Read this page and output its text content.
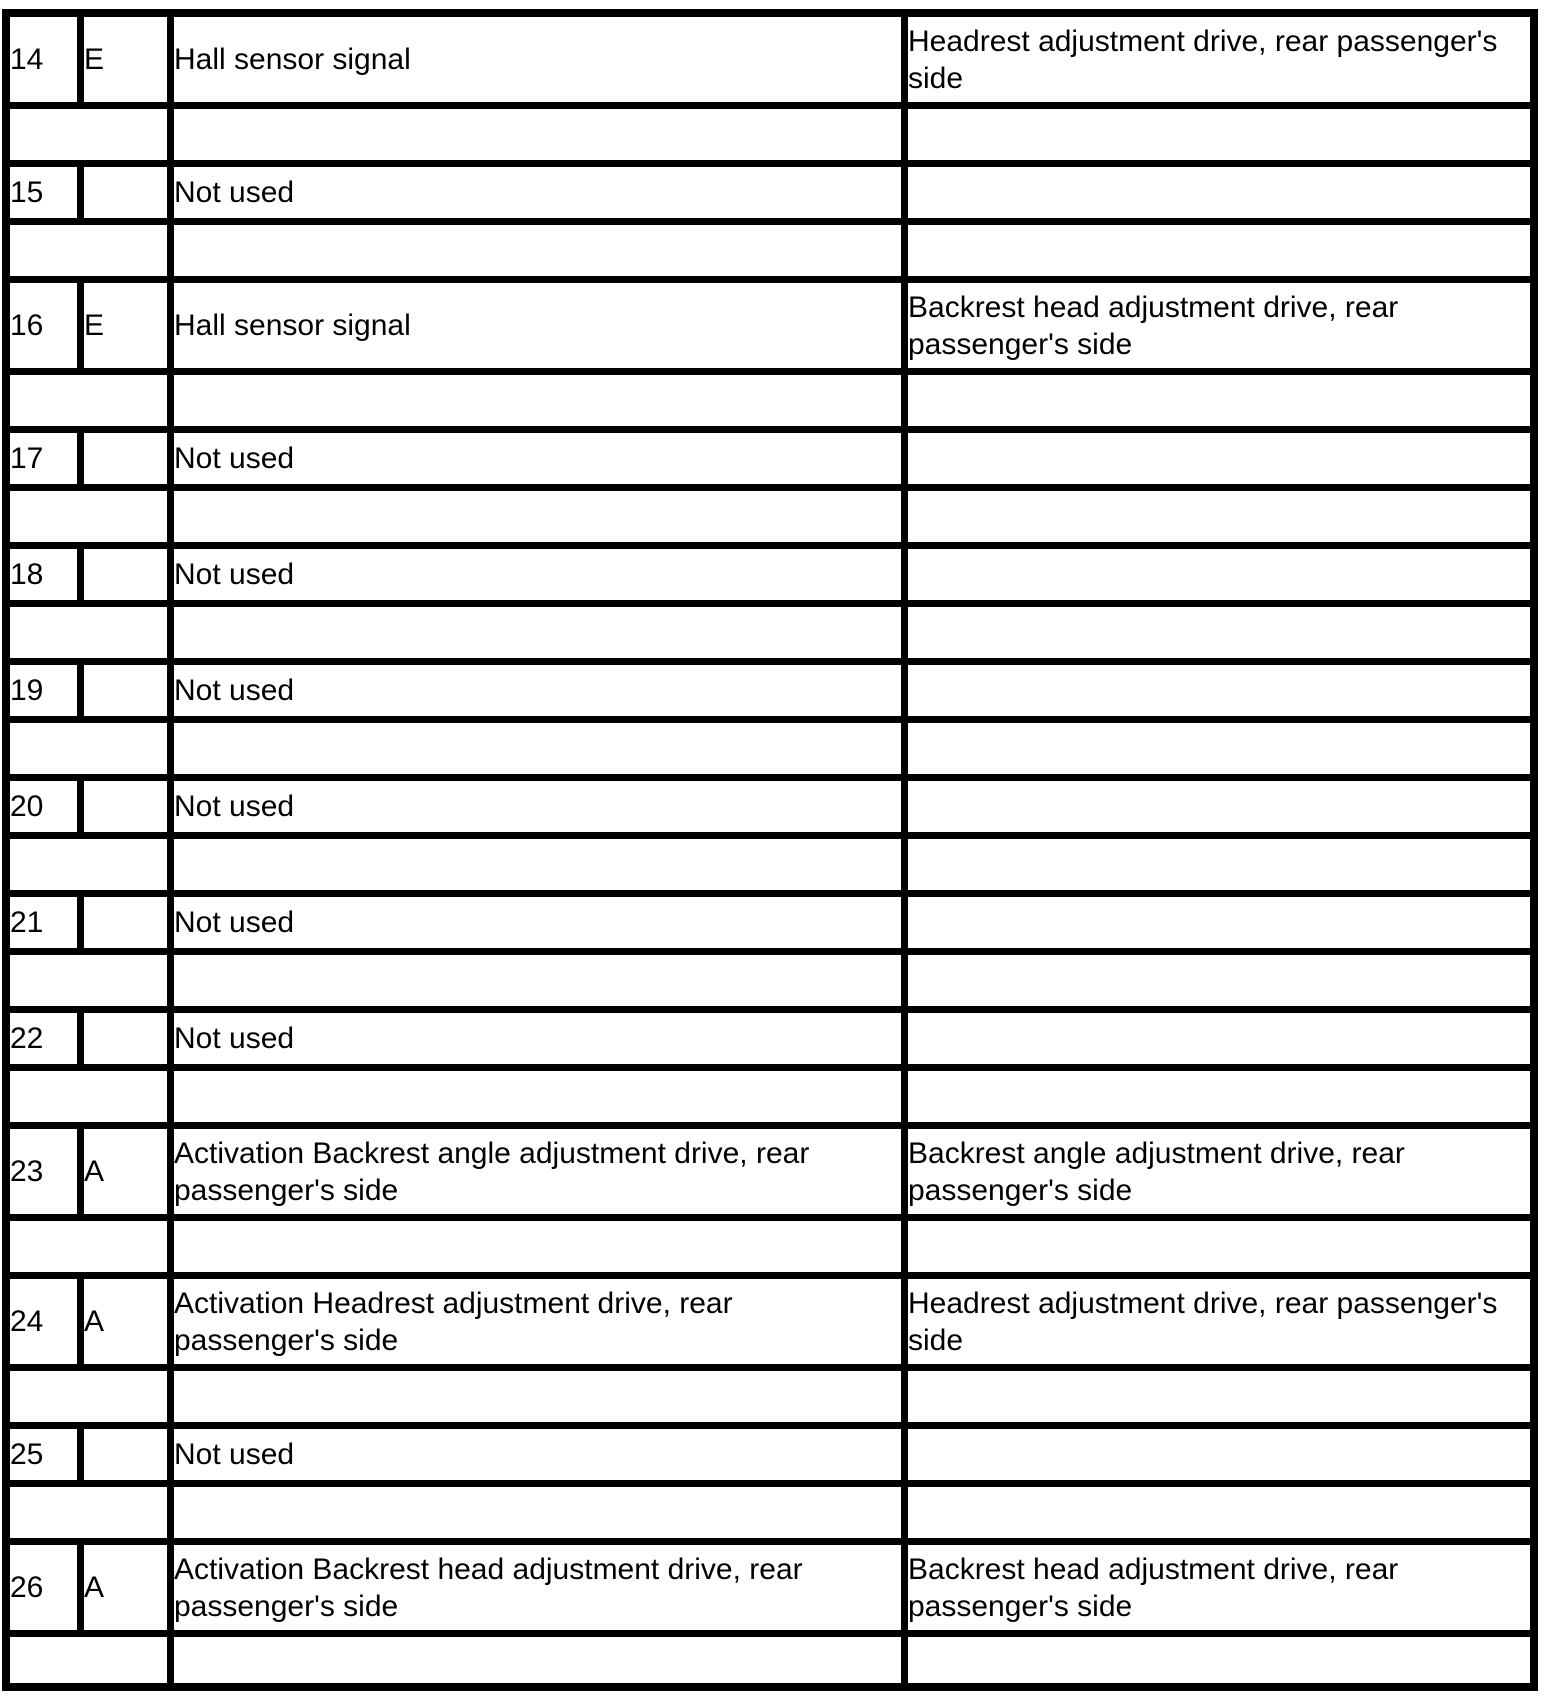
14	E	Hall sensor signal	Headrest adjustment drive, rear passenger's side

15		Not used	

16	E	Hall sensor signal	Backrest head adjustment drive, rear passenger's side

17		Not used	

18		Not used	

19		Not used	

20		Not used	

21		Not used	

22		Not used	

23	A	Activation Backrest angle adjustment drive, rear passenger's side	Backrest angle adjustment drive, rear passenger's side

24	A	Activation Headrest adjustment drive, rear passenger's side	Headrest adjustment drive, rear passenger's side

25		Not used	

26	A	Activation Backrest head adjustment drive, rear passenger's side	Backrest head adjustment drive, rear passenger's side
